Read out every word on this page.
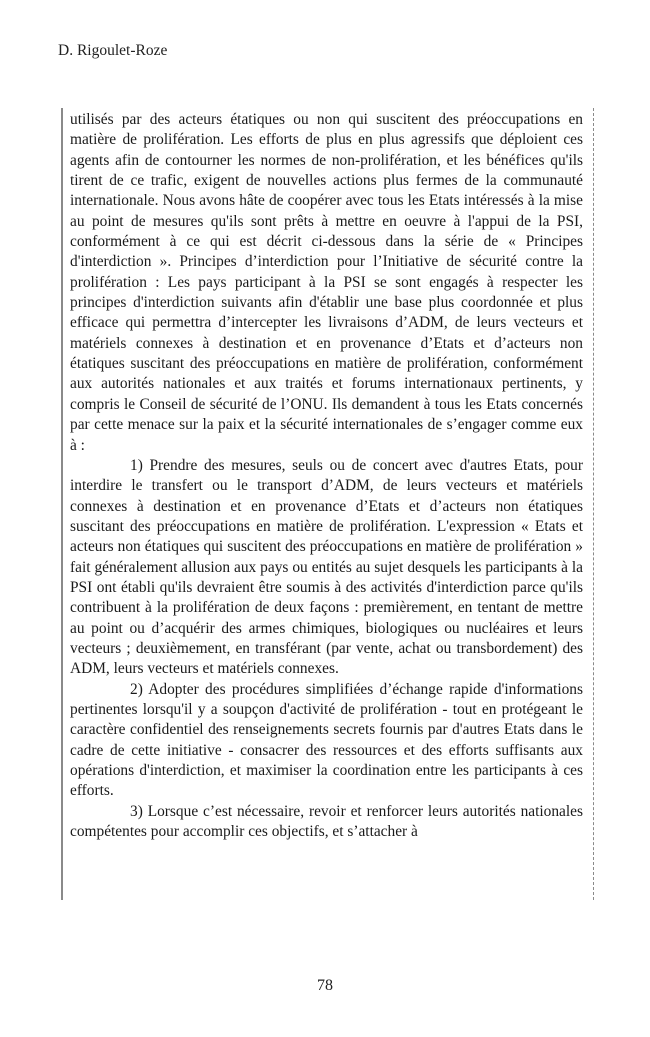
D. Rigoulet-Roze

utilisés par des acteurs étatiques ou non qui suscitent des préoccupations en matière de prolifération. Les efforts de plus en plus agressifs que déploient ces agents afin de contourner les normes de non-prolifération, et les bénéfices qu'ils tirent de ce trafic, exigent de nouvelles actions plus fermes de la communauté internationale. Nous avons hâte de coopérer avec tous les Etats intéressés à la mise au point de mesures qu'ils sont prêts à mettre en oeuvre à l'appui de la PSI, conformément à ce qui est décrit ci-dessous dans la série de « Principes d'interdiction ». Principes d’interdiction pour l’Initiative de sécurité contre la prolifération : Les pays participant à la PSI se sont engagés à respecter les principes d'interdiction suivants afin d'établir une base plus coordonnée et plus efficace qui permettra d’intercepter les livraisons d’ADM, de leurs vecteurs et matériels connexes à destination et en provenance d’Etats et d’acteurs non étatiques suscitant des préoccupations en matière de prolifération, conformément aux autorités nationales et aux traités et forums internationaux pertinents, y compris le Conseil de sécurité de l’ONU. Ils demandent à tous les Etats concernés par cette menace sur la paix et la sécurité internationales de s’engager comme eux à :

1) Prendre des mesures, seuls ou de concert avec d'autres Etats, pour interdire le transfert ou le transport d’ADM, de leurs vecteurs et matériels connexes à destination et en provenance d’Etats et d’acteurs non étatiques suscitant des préoccupations en matière de prolifération. L'expression « Etats et acteurs non étatiques qui suscitent des préoccupations en matière de prolifération » fait généralement allusion aux pays ou entités au sujet desquels les participants à la PSI ont établi qu'ils devraient être soumis à des activités d'interdiction parce qu'ils contribuent à la prolifération de deux façons : premièrement, en tentant de mettre au point ou d’acquérir des armes chimiques, biologiques ou nucléaires et leurs vecteurs ; deuxièmement, en transférant (par vente, achat ou transbordement) des ADM, leurs vecteurs et matériels connexes.

2) Adopter des procédures simplifiées d’échange rapide d'informations pertinentes lorsqu'il y a soupçon d'activité de prolifération - tout en protégeant le caractère confidentiel des renseignements secrets fournis par d'autres Etats dans le cadre de cette initiative - consacrer des ressources et des efforts suffisants aux opérations d'interdiction, et maximiser la coordination entre les participants à ces efforts.

3) Lorsque c’est nécessaire, revoir et renforcer leurs autorités nationales compétentes pour accomplir ces objectifs, et s’attacher à

78
